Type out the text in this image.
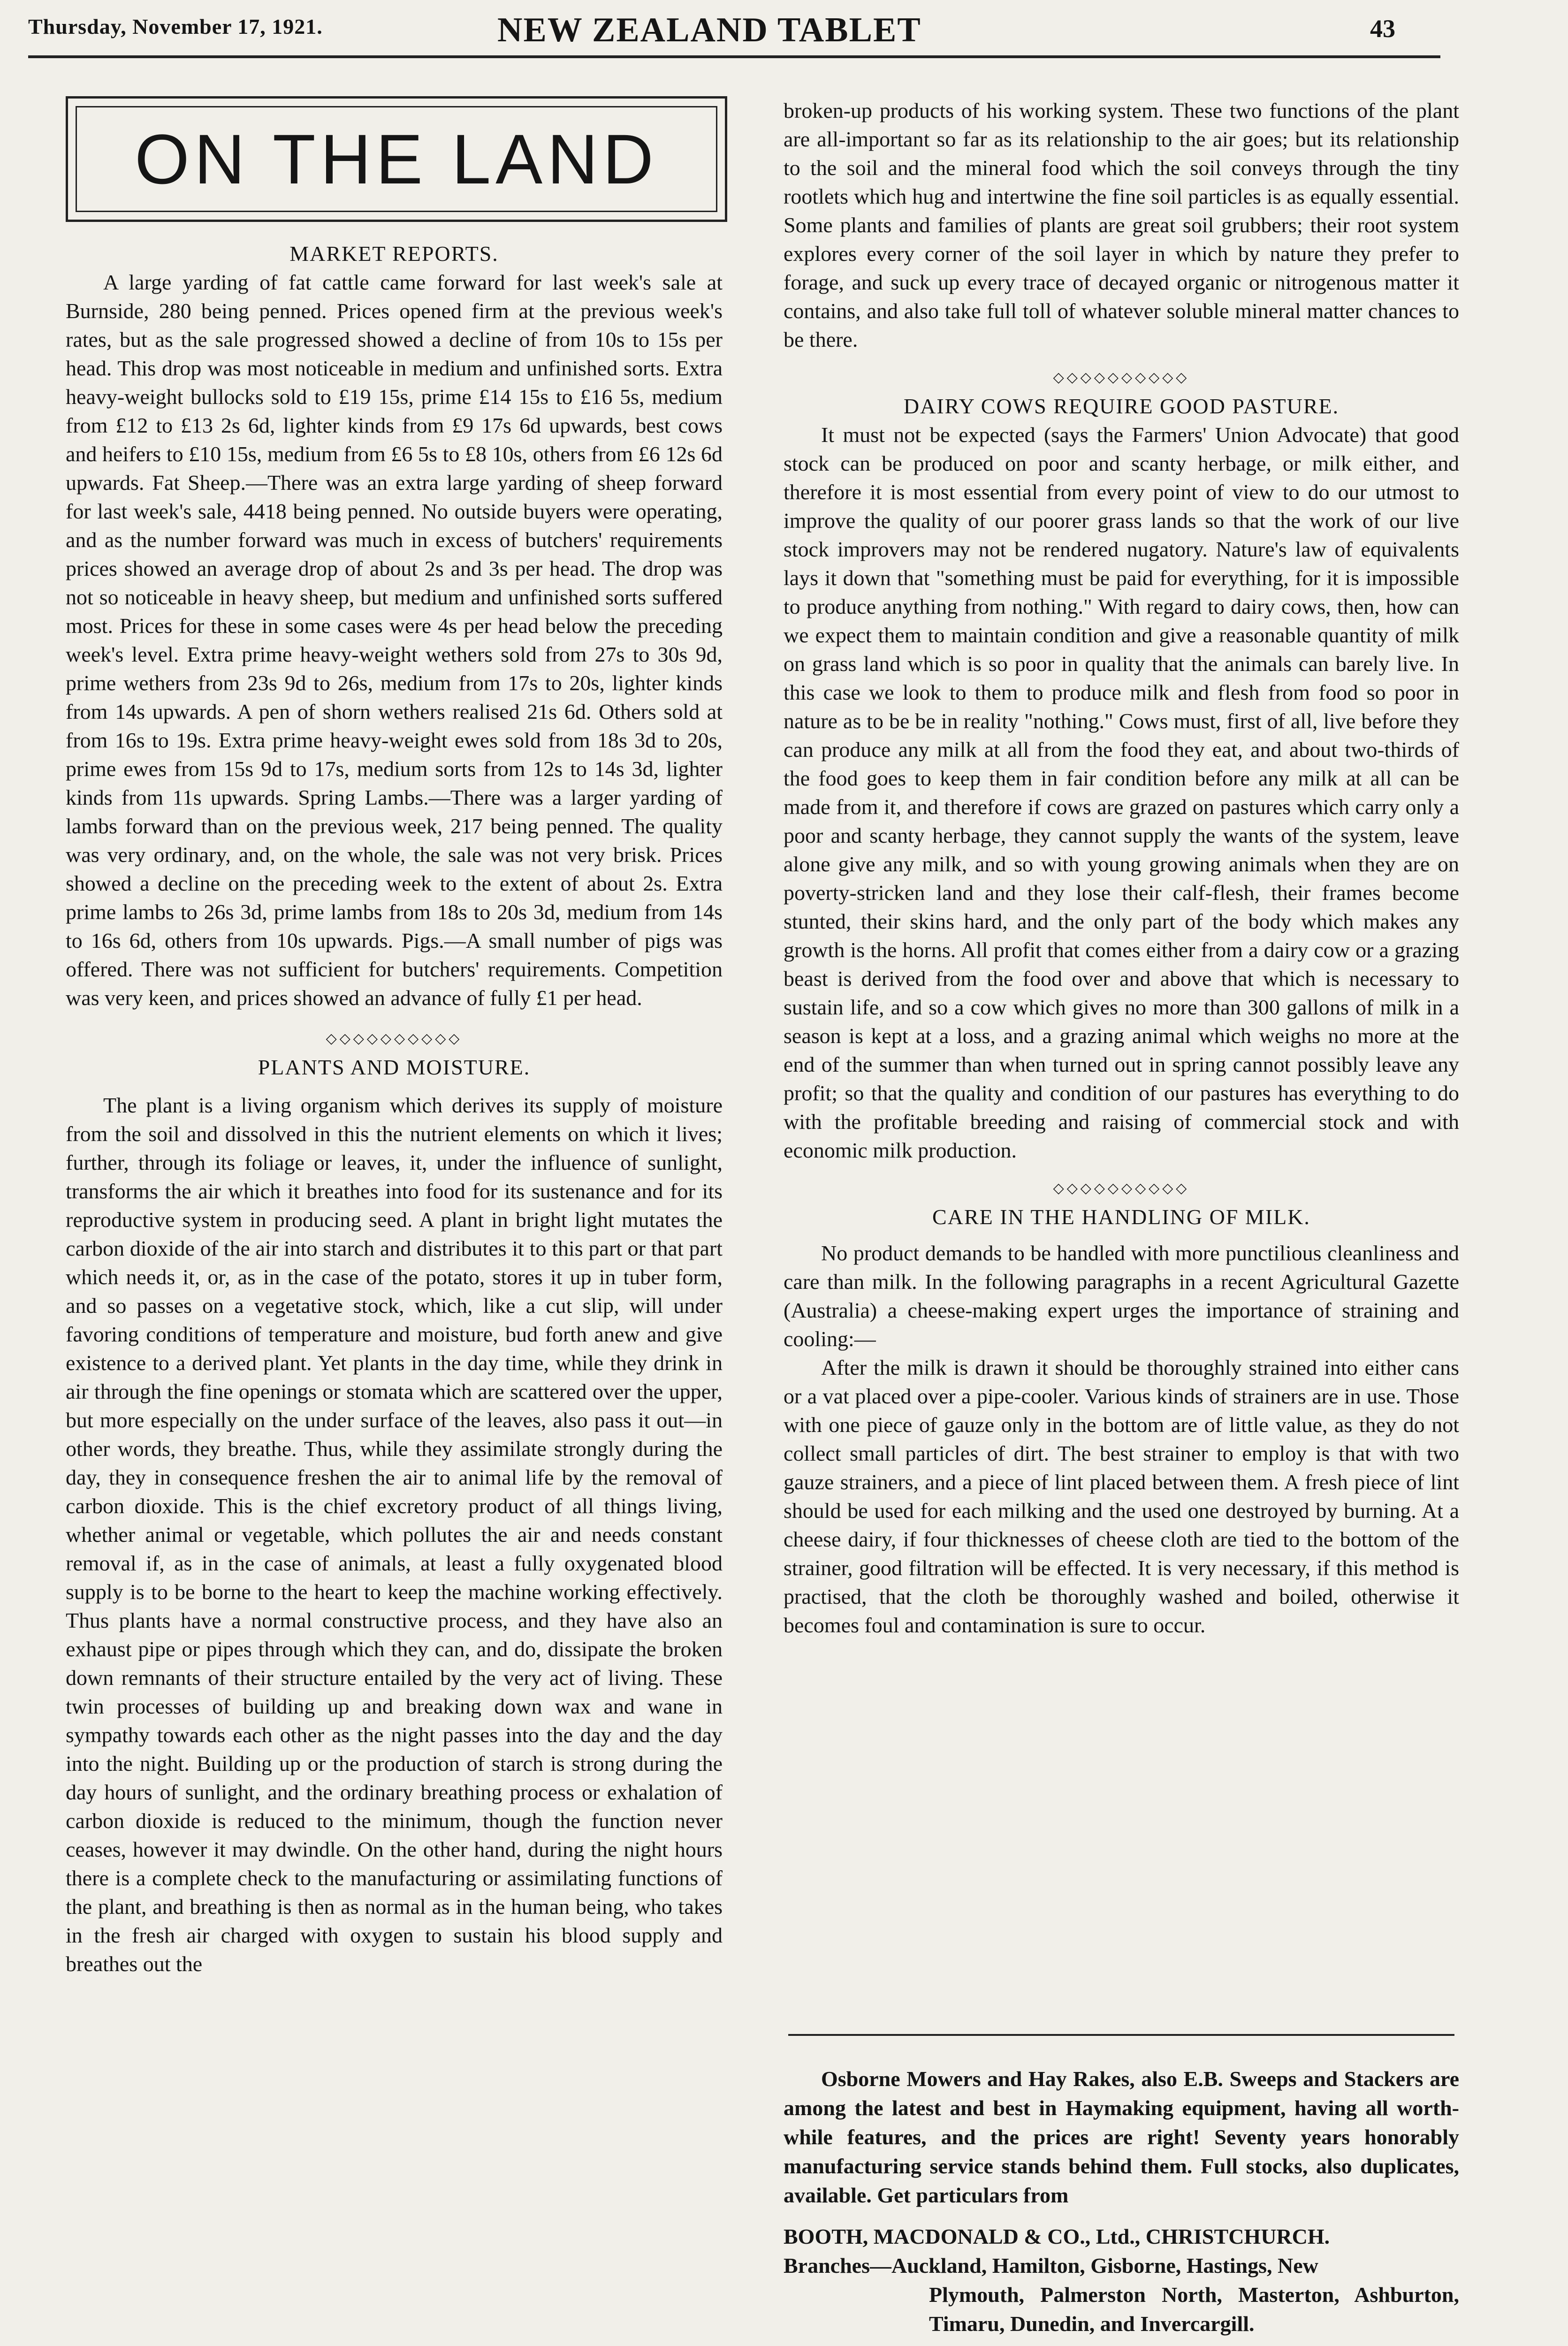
Thursday, November 17, 1921.	NEW ZEALAND TABLET	43
ON THE LAND
MARKET REPORTS.

A large yarding of fat cattle came forward for last week's sale at Burnside, 280 being penned. Prices opened firm at the previous week's rates, but as the sale progressed showed a decline of from 10s to 15s per head. This drop was most noticeable in medium and unfinished sorts. Extra heavy-weight bullocks sold to £19 15s, prime £14 15s to £16 5s, medium from £12 to £13 2s 6d, lighter kinds from £9 17s 6d upwards, best cows and heifers to £10 15s, medium from £6 5s to £8 10s, others from £6 12s 6d upwards. Fat Sheep.—There was an extra large yarding of sheep forward for last week's sale, 4418 being penned. No outside buyers were operating, and as the number forward was much in excess of butchers' requirements prices showed an average drop of about 2s and 3s per head. The drop was not so noticeable in heavy sheep, but medium and unfinished sorts suffered most. Prices for these in some cases were 4s per head below the preceding week's level. Extra prime heavy-weight wethers sold from 27s to 30s 9d, prime wethers from 23s 9d to 26s, medium from 17s to 20s, lighter kinds from 14s upwards. A pen of shorn wethers realised 21s 6d. Others sold at from 16s to 19s. Extra prime heavy-weight ewes sold from 18s 3d to 20s, prime ewes from 15s 9d to 17s, medium sorts from 12s to 14s 3d, lighter kinds from 11s upwards. Spring Lambs.—There was a larger yarding of lambs forward than on the previous week, 217 being penned. The quality was very ordinary, and, on the whole, the sale was not very brisk. Prices showed a decline on the preceding week to the extent of about 2s. Extra prime lambs to 26s 3d, prime lambs from 18s to 20s 3d, medium from 14s to 16s 6d, others from 10s upwards. Pigs.—A small number of pigs was offered. There was not sufficient for butchers' requirements. Competition was very keen, and prices showed an advance of fully £1 per head.

◇◇◇◇◇◇◇◇◇◇
PLANTS AND MOISTURE.

The plant is a living organism which derives its supply of moisture from the soil and dissolved in this the nutrient elements on which it lives; further, through its foliage or leaves, it, under the influence of sunlight, transforms the air which it breathes into food for its sustenance and for its reproductive system in producing seed. A plant in bright light mutates the carbon dioxide of the air into starch and distributes it to this part or that part which needs it, or, as in the case of the potato, stores it up in tuber form, and so passes on a vegetative stock, which, like a cut slip, will under favoring conditions of temperature and moisture, bud forth anew and give existence to a derived plant. Yet plants in the day time, while they drink in air through the fine openings or stomata which are scattered over the upper, but more especially on the under surface of the leaves, also pass it out—in other words, they breathe. Thus, while they assimilate strongly during the day, they in consequence freshen the air to animal life by the removal of carbon dioxide. This is the chief excretory product of all things living, whether animal or vegetable, which pollutes the air and needs constant removal if, as in the case of animals, at least a fully oxygenated blood supply is to be borne to the heart to keep the machine working effectively. Thus plants have a normal constructive process, and they have also an exhaust pipe or pipes through which they can, and do, dissipate the broken down remnants of their structure entailed by the very act of living. These twin processes of building up and breaking down wax and wane in sympathy towards each other as the night passes into the day and the day into the night. Building up or the production of starch is strong during the day hours of sunlight, and the ordinary breathing process or exhalation of carbon dioxide is reduced to the minimum, though the function never ceases, however it may dwindle. On the other hand, during the night hours there is a complete check to the manufacturing or assimilating functions of the plant, and breathing is then as normal as in the human being, who takes in the fresh air charged with oxygen to sustain his blood supply and breathes out the

broken-up products of his working system. These two functions of the plant are all-important so far as its relationship to the air goes; but its relationship to the soil and the mineral food which the soil conveys through the tiny rootlets which hug and intertwine the fine soil particles is as equally essential. Some plants and families of plants are great soil grubbers; their root system explores every corner of the soil layer in which by nature they prefer to forage, and suck up every trace of decayed organic or nitrogenous matter it contains, and also take full toll of whatever soluble mineral matter chances to be there.

◇◇◇◇◇◇◇◇◇◇
DAIRY COWS REQUIRE GOOD PASTURE.

It must not be expected (says the Farmers' Union Advocate) that good stock can be produced on poor and scanty herbage, or milk either, and therefore it is most essential from every point of view to do our utmost to improve the quality of our poorer grass lands so that the work of our live stock improvers may not be rendered nugatory. Nature's law of equivalents lays it down that "something must be paid for everything, for it is impossible to produce anything from nothing." With regard to dairy cows, then, how can we expect them to maintain condition and give a reasonable quantity of milk on grass land which is so poor in quality that the animals can barely live. In this case we look to them to produce milk and flesh from food so poor in nature as to be be in reality "nothing." Cows must, first of all, live before they can produce any milk at all from the food they eat, and about two-thirds of the food goes to keep them in fair condition before any milk at all can be made from it, and therefore if cows are grazed on pastures which carry only a poor and scanty herbage, they cannot supply the wants of the system, leave alone give any milk, and so with young growing animals when they are on poverty-stricken land and they lose their calf-flesh, their frames become stunted, their skins hard, and the only part of the body which makes any growth is the horns. All profit that comes either from a dairy cow or a grazing beast is derived from the food over and above that which is necessary to sustain life, and so a cow which gives no more than 300 gallons of milk in a season is kept at a loss, and a grazing animal which weighs no more at the end of the summer than when turned out in spring cannot possibly leave any profit; so that the quality and condition of our pastures has everything to do with the profitable breeding and raising of commercial stock and with economic milk production.

◇◇◇◇◇◇◇◇◇◇
CARE IN THE HANDLING OF MILK.

No product demands to be handled with more punctilious cleanliness and care than milk. In the following paragraphs in a recent Agricultural Gazette (Australia) a cheese-making expert urges the importance of straining and cooling:—

After the milk is drawn it should be thoroughly strained into either cans or a vat placed over a pipe-cooler. Various kinds of strainers are in use. Those with one piece of gauze only in the bottom are of little value, as they do not collect small particles of dirt. The best strainer to employ is that with two gauze strainers, and a piece of lint placed between them. A fresh piece of lint should be used for each milking and the used one destroyed by burning. At a cheese dairy, if four thicknesses of cheese cloth are tied to the bottom of the strainer, good filtration will be effected. It is very necessary, if this method is practised, that the cloth be thoroughly washed and boiled, otherwise it becomes foul and contamination is sure to occur.

Osborne Mowers and Hay Rakes, also E.B. Sweeps and Stackers are among the latest and best in Haymaking equipment, having all worth-while features, and the prices are right! Seventy years honorably manufacturing service stands behind them. Full stocks, also duplicates, available. Get particulars from

BOOTH, MACDONALD & CO., Ltd., CHRISTCHURCH.
Branches—Auckland, Hamilton, Gisborne, Hastings, New
Plymouth, Palmerston North, Masterton, Ashburton, Timaru, Dunedin, and Invercargill.
